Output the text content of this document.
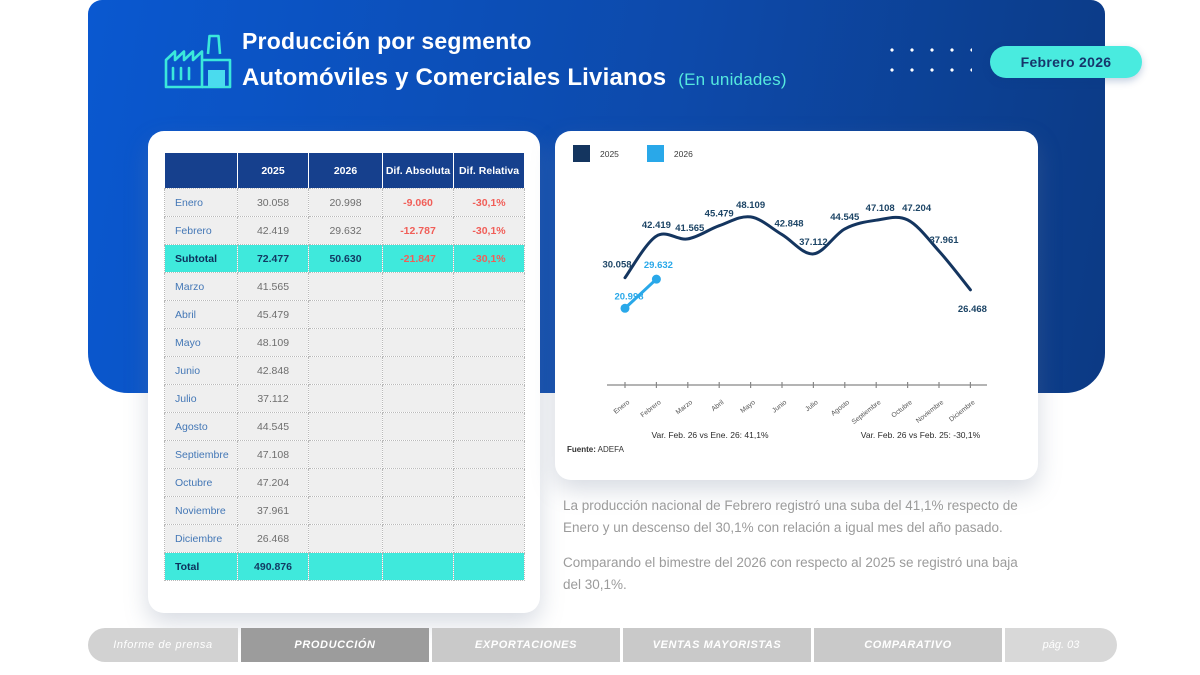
Producción por segmento
Automóviles y Comerciales Livianos (En unidades)
Febrero 2026
	2025	2026	Dif. Absoluta	Dif. Relativa
Enero	30.058	20.998	-9.060	-30,1%
Febrero	42.419	29.632	-12.787	-30,1%
Subtotal	72.477	50.630	-21.847	-30,1%
Marzo	41.565			
Abril	45.479			
Mayo	48.109			
Junio	42.848			
Julio	37.112			
Agosto	44.545			
Septiembre	47.108			
Octubre	47.204			
Noviembre	37.961			
Diciembre	26.468			
Total	490.876			
2025	2026
Enero Febrero Marzo Abril Mayo Junio Julio Agosto Septiembre Octubre Noviembre Diciembre
30.058
42.419 41.565
45.479
48.109
42.848
37.112
44.545
47.108 47.204
37.961
26.468
20.998
29.632
Var. Feb. 26 vs Ene. 26: 41,1%	Var. Feb. 26 vs Feb. 25: -30,1%
Fuente: ADEFA

La producción nacional de Febrero registró una suba del 41,1% respecto de Enero y un descenso del 30,1% con relación a igual mes del año pasado.

Comparando el bimestre del 2026 con respecto al 2025 se registró una baja del 30,1%.

Informe de prensa	PRODUCCIÓN	EXPORTACIONES	VENTAS MAYORISTAS	COMPARATIVO	pág. 03
